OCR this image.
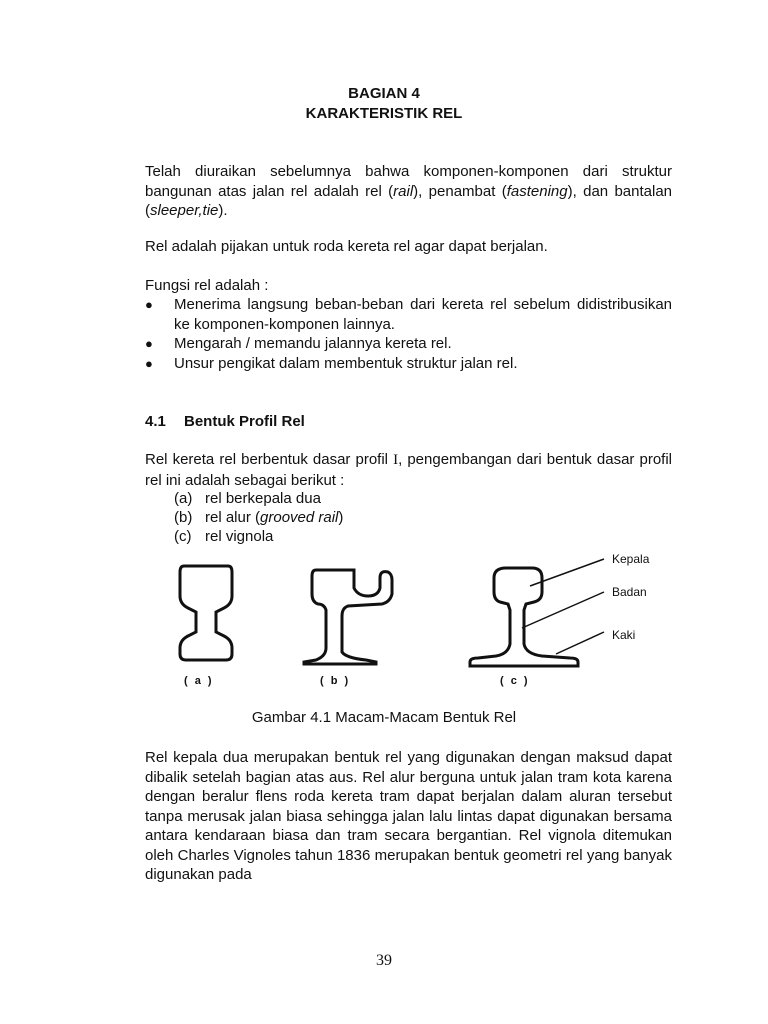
BAGIAN 4
KARAKTERISTIK REL

Telah diuraikan sebelumnya bahwa komponen-komponen dari struktur bangunan atas jalan rel adalah rel (rail), penambat (fastening), dan bantalan (sleeper,tie).

Rel adalah pijakan untuk roda kereta rel agar dapat berjalan.
Fungsi rel adalah :
● Menerima langsung beban-beban dari kereta rel sebelum didistribusikan ke komponen-komponen lainnya.
● Mengarah / memandu jalannya kereta rel.
● Unsur pengikat dalam membentuk struktur jalan rel.
4.1 Bentuk Profil Rel

Rel kereta rel berbentuk dasar profil I, pengembangan dari bentuk dasar profil rel ini adalah sebagai berikut :

(a) rel berkepala dua
(b) rel alur (grooved rail)
(c) rel vignola
Kepala
Badan
Kaki
( a )	( b )	( c )
Gambar 4.1 Macam-Macam Bentuk Rel

Rel kepala dua merupakan bentuk rel yang digunakan dengan maksud dapat dibalik setelah bagian atas aus. Rel alur berguna untuk jalan tram kota karena dengan beralur flens roda kereta tram dapat berjalan dalam aluran tersebut tanpa merusak jalan biasa sehingga jalan lalu lintas dapat digunakan bersama antara kendaraan biasa dan tram secara bergantian. Rel vignola ditemukan oleh Charles Vignoles tahun 1836 merupakan bentuk geometri rel yang banyak digunakan pada

39
